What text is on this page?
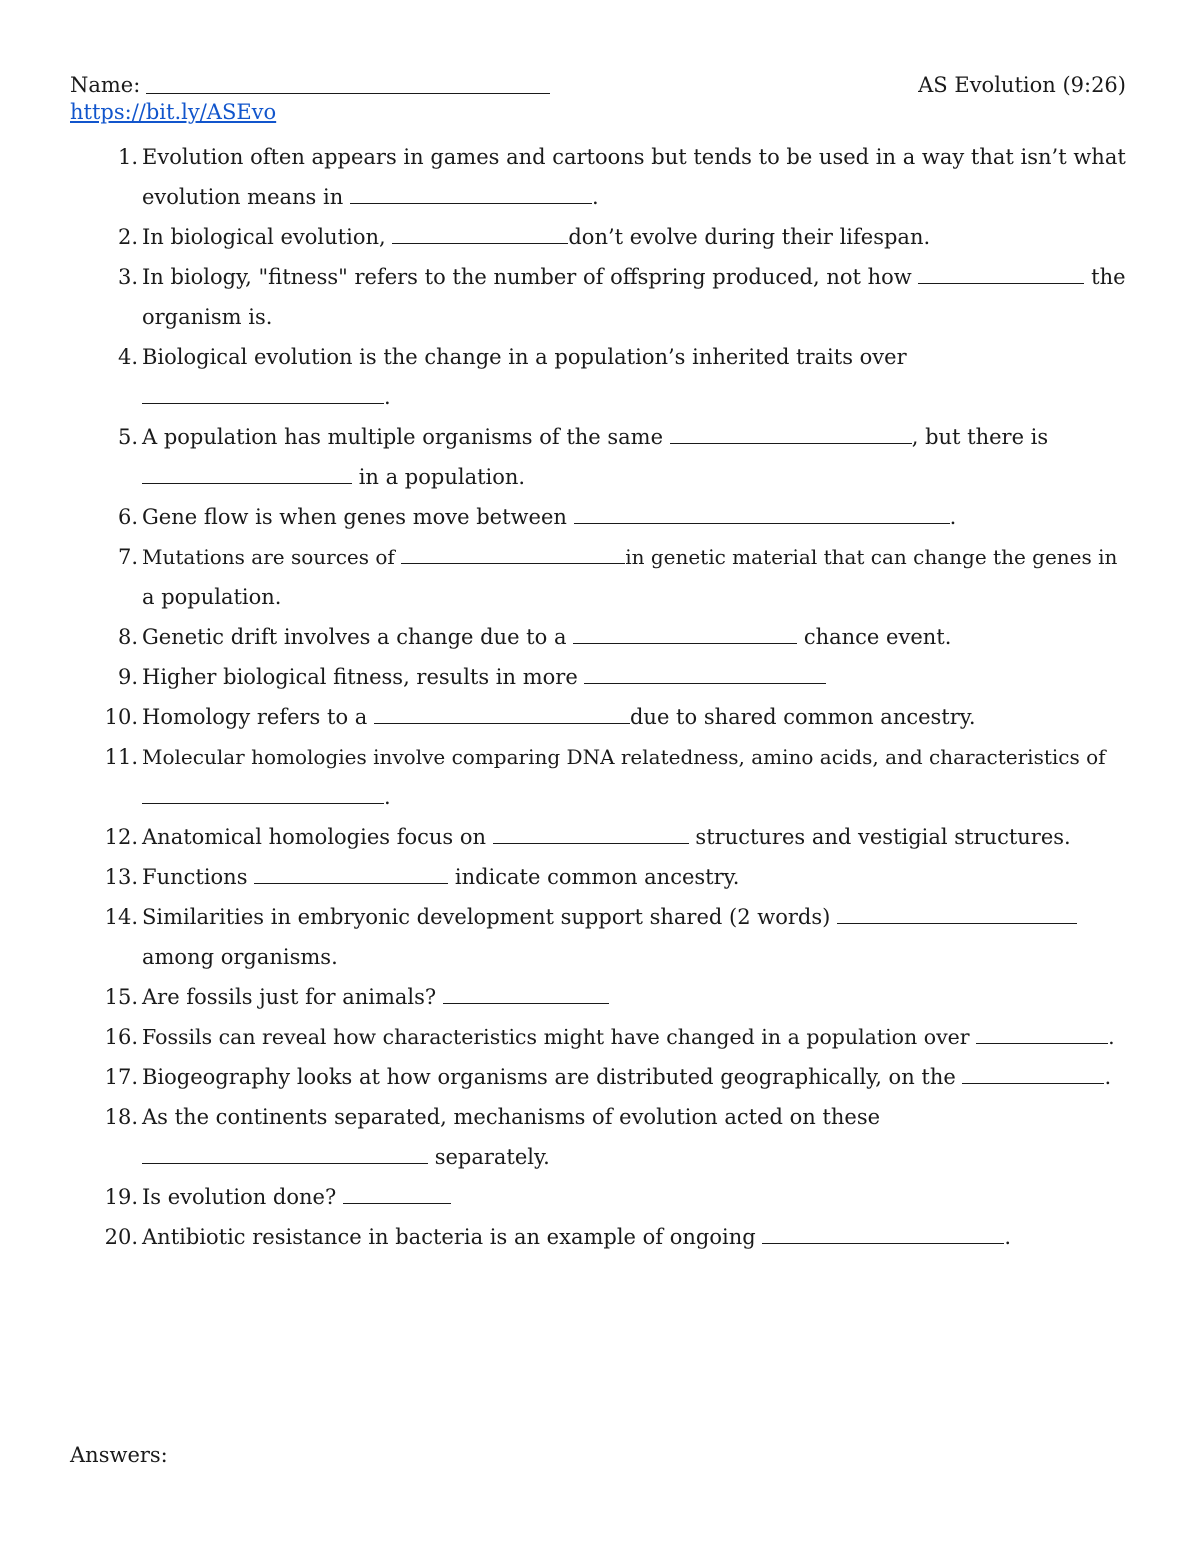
Name:	AS Evolution (9:26)
https://bit.ly/ASEvo
1. Evolution often appears in games and cartoons but tends to be used in a way that isn’t what
evolution means in	.
2. In biological evolution,	don’t evolve during their lifespan.
3. In biology, "fitness" refers to the number of offspring produced, not how	the
organism is.
4. Biological evolution is the change in a population’s inherited traits over
.
5. A population has multiple organisms of the same	, but there is
in a population.
6. Gene flow is when genes move between	.
7. Mutations are sources of	in genetic material that can change the genes in
a population.
8. Genetic drift involves a change due to a	chance event.
9. Higher biological fitness, results in more
10. Homology refers to a	due to shared common ancestry.
11. Molecular homologies involve comparing DNA relatedness, amino acids, and characteristics of
.
12. Anatomical homologies focus on	structures and vestigial structures.
13. Functions	indicate common ancestry.
14. Similarities in embryonic development support shared (2 words)
among organisms.
15. Are fossils just for animals?
16. Fossils can reveal how characteristics might have changed in a population over	.
17. Biogeography looks at how organisms are distributed geographically, on the	.
18. As the continents separated, mechanisms of evolution acted on these
separately.
19. Is evolution done?
20. Antibiotic resistance in bacteria is an example of ongoing	.
Answers:
